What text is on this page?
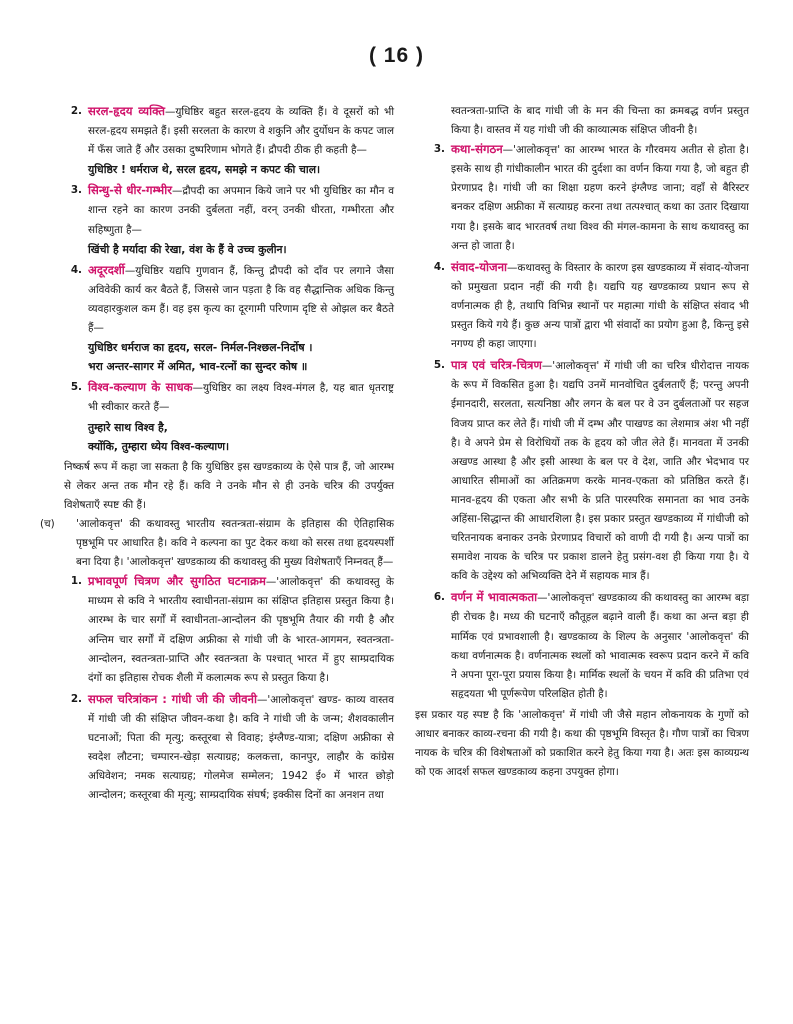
( 16 )
2. सरल-हृदय व्यक्ति—युधिष्ठिर बहुत सरल-हृदय के व्यक्ति हैं। वे दूसरों को भी सरल-हृदय समझते हैं। इसी सरलता के कारण वे शकुनि और दुर्योधन के कपट जाल में फँस जाते हैं और उसका दुष्परिणाम भोगते हैं। द्रौपदी ठीक ही कहती है—

युधिष्ठिर ! धर्मराज थे, सरल हृदय, समझे न कपट की चाल।

3. सिन्धु-से धीर-गम्भीर—द्रौपदी का अपमान किये जाने पर भी युधिष्ठिर का मौन व शान्त रहने का कारण उनकी दुर्बलता नहीं, वरन् उनकी धीरता, गम्भीरता और सहिष्णुता है—

खिंची है मर्यादा की रेखा, वंश के हैं वे उच्च कुलीन।

4. अदूरदर्शी—युधिष्ठिर यद्यपि गुणवान हैं, किन्तु द्रौपदी को दाँव पर लगाने जैसा अविवेकी कार्य कर बैठते हैं, जिससे जान पड़ता है कि वह सैद्धान्तिक अधिक किन्तु व्यवहारकुशल कम हैं। वह इस कृत्य का दूरगामी परिणाम दृष्टि से ओझल कर बैठते हैं—

युधिष्ठिर धर्मराज का हृदय, सरल- निर्मल-निश्छल-निर्दोष ।

भरा अन्तर-सागर में अमित, भाव-रत्नों का सुन्दर कोष ॥

5. विश्व-कल्याण के साधक—युधिष्ठिर का लक्ष्य विश्व-मंगल है, यह बात धृतराष्ट्र भी स्वीकार करते हैं—

तुम्हारे साथ विश्व है,

क्योंकि, तुम्हारा ध्येय विश्व-कल्याण।

निष्कर्ष रूप में कहा जा सकता है कि युधिष्ठिर इस खण्डकाव्य के ऐसे पात्र हैं, जो आरम्भ से लेकर अन्त तक मौन रहे हैं। कवि ने उनके मौन से ही उनके चरित्र की उपर्युक्त विशेषताएँ स्पष्ट की हैं।

(च)	'आलोकवृत्त' की कथावस्तु भारतीय स्वतन्त्रता-संग्राम के इतिहास की ऐतिहासिक पृष्ठभूमि पर आधारित है। कवि ने कल्पना का पुट देकर कथा को सरस तथा हृदयस्पर्शी बना दिया है। 'आलोकवृत्त' खण्डकाव्य की कथावस्तु की मुख्य विशेषताएँ निम्नवत् हैं—
1. प्रभावपूर्ण चित्रण और सुगठित घटनाक्रम—'आलोकवृत्त' की कथावस्तु के माध्यम से कवि ने भारतीय स्वाधीनता-संग्राम का संक्षिप्त इतिहास प्रस्तुत किया है। आरम्भ के चार सर्गों में स्वाधीनता-आन्दोलन की पृष्ठभूमि तैयार की गयी है और अन्तिम चार सर्गों में दक्षिण अफ्रीका से गांधी जी के भारत-आगमन, स्वतन्त्रता-आन्दोलन, स्वतन्त्रता-प्राप्ति और स्वतन्त्रता के पश्चात् भारत में हुए साम्प्रदायिक दंगों का इतिहास रोचक शैली में कलात्मक रूप से प्रस्तुत किया है।

2. सफल चरित्रांकन : गांधी जी की जीवनी—'आलोकवृत्त' खण्ड- काव्य वास्तव में गांधी जी की संक्षिप्त जीवन-कथा है। कवि ने गांधी जी के जन्म; शैशवकालीन घटनाओं; पिता की मृत्यु; कस्तूरबा से विवाह; इंग्लैण्ड-यात्रा; दक्षिण अफ्रीका से स्वदेश लौटना; चम्पारन-खेड़ा सत्याग्रह; कलकत्ता, कानपुर, लाहौर के कांग्रेस अधिवेशन; नमक सत्याग्रह; गोलमेज सम्मेलन; 1942 ई० में भारत छोड़ो आन्दोलन; कस्तूरबा की मृत्यु; साम्प्रदायिक संघर्ष; इक्कीस दिनों का अनशन तथा

स्वतन्त्रता-प्राप्ति के बाद गांधी जी के मन की चिन्ता का क्रमबद्ध वर्णन प्रस्तुत किया है। वास्तव में यह गांधी जी की काव्यात्मक संक्षिप्त जीवनी है।

3. कथा-संगठन—'आलोकवृत्त' का आरम्भ भारत के गौरवमय अतीत से होता है। इसके साथ ही गांधीकालीन भारत की दुर्दशा का वर्णन किया गया है, जो बहुत ही प्रेरणाप्रद है। गांधी जी का शिक्षा ग्रहण करने इंग्लैण्ड जाना; वहाँ से बैरिस्टर बनकर दक्षिण अफ्रीका में सत्याग्रह करना तथा तत्पश्चात् कथा का उतार दिखाया गया है। इसके बाद भारतवर्ष तथा विश्व की मंगल-कामना के साथ कथावस्तु का अन्त हो जाता है।

4. संवाद-योजना—कथावस्तु के विस्तार के कारण इस खण्डकाव्य में संवाद-योजना को प्रमुखता प्रदान नहीं की गयी है। यद्यपि यह खण्डकाव्य प्रधान रूप से वर्णनात्मक ही है, तथापि विभिन्न स्थानों पर महात्मा गांधी के संक्षिप्त संवाद भी प्रस्तुत किये गये हैं। कुछ अन्य पात्रों द्वारा भी संवादों का प्रयोग हुआ है, किन्तु इसे नगण्य ही कहा जाएगा।

5. पात्र एवं चरित्र-चित्रण—'आलोकवृत्त' में गांधी जी का चरित्र धीरोदात्त नायक के रूप में विकसित हुआ है। यद्यपि उनमें मानवोचित दुर्बलताएँ हैं; परन्तु अपनी ईमानदारी, सरलता, सत्यनिष्ठा और लगन के बल पर वे उन दुर्बलताओं पर सहज विजय प्राप्त कर लेते हैं। गांधी जी में दम्भ और पाखण्ड का लेशमात्र अंश भी नहीं है। वे अपने प्रेम से विरोधियों तक के हृदय को जीत लेते हैं। मानवता में उनकी अखण्ड आस्था है और इसी आस्था के बल पर वे देश, जाति और भेदभाव पर आधारित सीमाओं का अतिक्रमण करके मानव-एकता को प्रतिष्ठित करते हैं। मानव-हृदय की एकता और सभी के प्रति पारस्परिक समानता का भाव उनके अहिंसा-सिद्धान्त की आधारशिला है। इस प्रकार प्रस्तुत खण्डकाव्य में गांधीजी को चरितनायक बनाकर उनके प्रेरणाप्रद विचारों को वाणी दी गयी है। अन्य पात्रों का समावेश नायक के चरित्र पर प्रकाश डालने हेतु प्रसंग-वश ही किया गया है। ये कवि के उद्देश्य को अभिव्यक्ति देने में सहायक मात्र हैं।

6. वर्णन में भावात्मकता—'आलोकवृत्त' खण्डकाव्य की कथावस्तु का आरम्भ बड़ा ही रोचक है। मध्य की घटनाएँ कौतूहल बढ़ाने वाली हैं। कथा का अन्त बड़ा ही मार्मिक एवं प्रभावशाली है। खण्डकाव्य के शिल्प के अनुसार 'आलोकवृत्त' की कथा वर्णनात्मक है। वर्णनात्मक स्थलों को भावात्मक स्वरूप प्रदान करने में कवि ने अपना पूरा-पूरा प्रयास किया है। मार्मिक स्थलों के चयन में कवि की प्रतिभा एवं सहृदयता भी पूर्णरूपेण परिलक्षित होती है।

इस प्रकार यह स्पष्ट है कि 'आलोकवृत्त' में गांधी जी जैसे महान लोकनायक के गुणों को आधार बनाकर काव्य-रचना की गयी है। कथा की पृष्ठभूमि विस्तृत है। गौण पात्रों का चित्रण नायक के चरित्र की विशेषताओं को प्रकाशित करने हेतु किया गया है। अतः इस काव्यग्रन्थ को एक आदर्श सफल खण्डकाव्य कहना उपयुक्त होगा।
